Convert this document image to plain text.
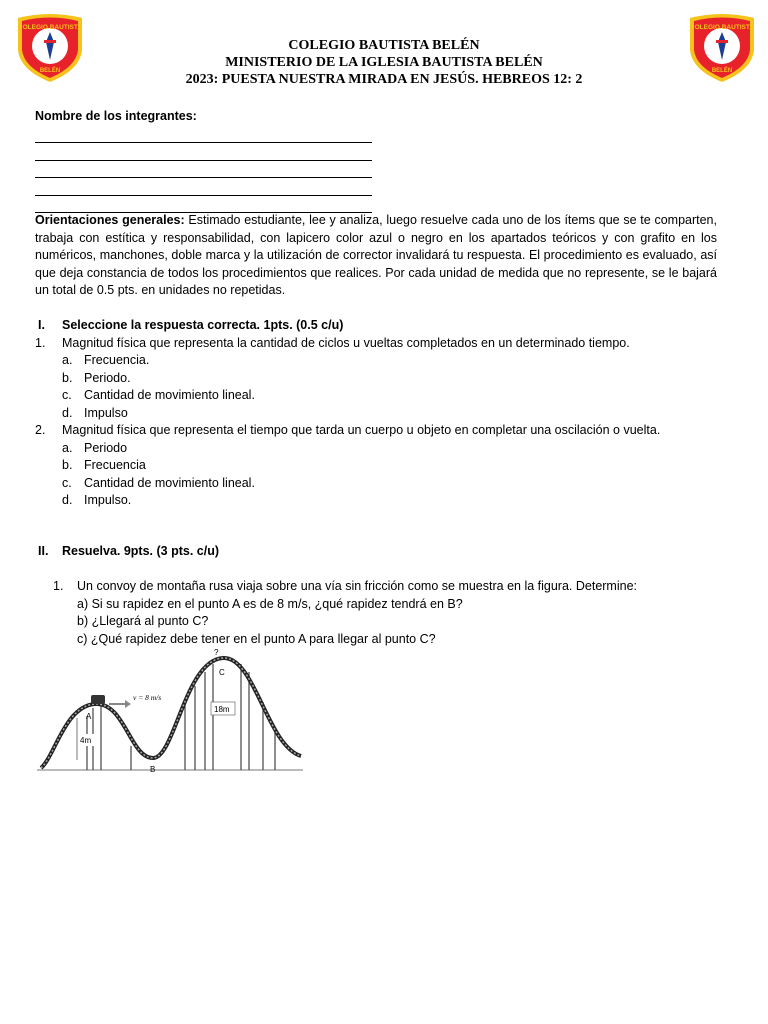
COLEGIO BAUTISTA
BELÉN
COLEGIO BAUTISTA
BELÉN
COLEGIO BAUTISTA BELÉN
MINISTERIO DE LA IGLESIA BAUTISTA BELÉN
2023: PUESTA NUESTRA MIRADA EN JESÚS. HEBREOS 12: 2
Nombre de los integrantes:
Orientaciones generales: Estimado estudiante, lee y analiza, luego resuelve cada uno de los ítems que se te comparten, trabaja con estítica y responsabilidad, con lapicero color azul o negro en los apartados teóricos y con grafito en los numéricos, manchones, doble marca y la utilización de corrector invalidará tu respuesta. El procedimiento es evaluado, así que deja constancia de todos los procedimientos que realices. Por cada unidad de medida que no represente, se le bajará un total de 0.5 pts. en unidades no repetidas.
I.	Seleccione la respuesta correcta. 1pts. (0.5 c/u)
1.	Magnitud física que representa la cantidad de ciclos u vueltas completados en un determinado tiempo.
a. Frecuencia.
b. Periodo.
c. Cantidad de movimiento lineal.
d. Impulso
2.	Magnitud física que representa el tiempo que tarda un cuerpo u objeto en completar una oscilación o vuelta.
a. Periodo
b. Frecuencia
c. Cantidad de movimiento lineal.
d. Impulso.
II.	Resuelva. 9pts. (3 pts. c/u)
1.	Un convoy de montaña rusa viaja sobre una vía sin fricción como se muestra en la figura. Determine:
a) Si su rapidez en el punto A es de 8 m/s, ¿qué rapidez tendrá en B?
b) ¿Llegará al punto C?
c) ¿Qué rapidez debe tener en el punto A para llegar al punto C?
v = 8 m/s
4m
A
18m
C
?
B
